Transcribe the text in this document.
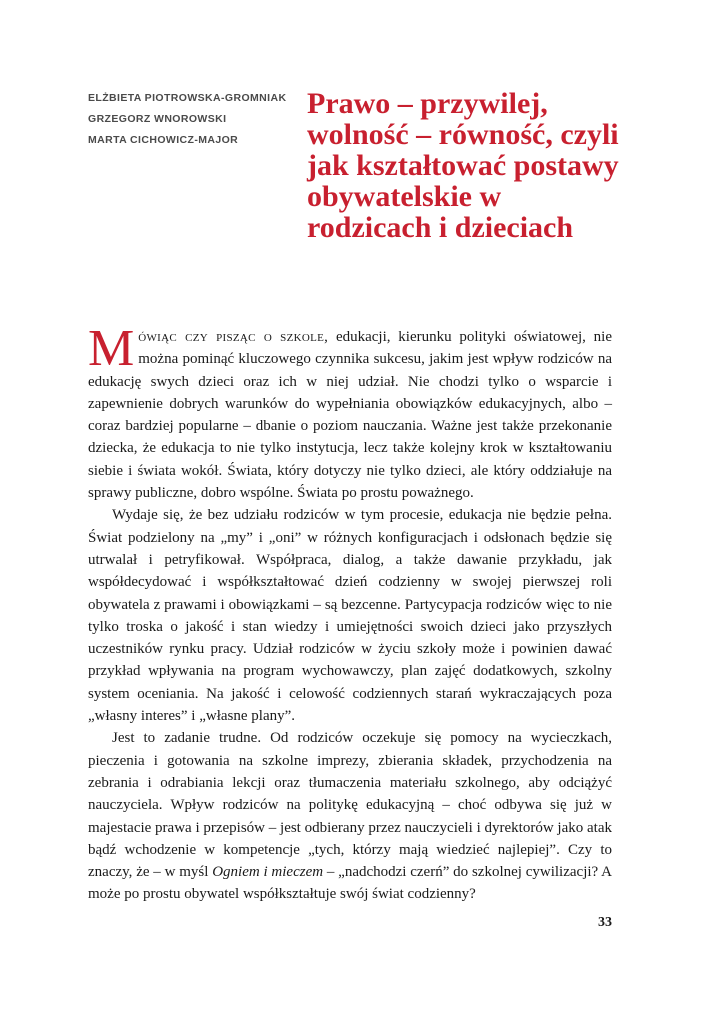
ELŻBIETA PIOTROWSKA-GROMNIAK
GRZEGORZ WNOROWSKI
MARTA CICHOWICZ-MAJOR
Prawo – przywilej, wolność – równość, czyli jak kształtować postawy obywatelskie w rodzicach i dzieciach

Mówiąc czy pisząc o szkole, edukacji, kierunku polityki oświatowej, nie można pominąć kluczowego czynnika sukcesu, jakim jest wpływ rodziców na edukację swych dzieci oraz ich w niej udział. Nie chodzi tylko o wsparcie i zapewnienie dobrych warunków do wypełniania obowiązków edukacyjnych, albo – coraz bardziej popularne – dbanie o poziom nauczania. Ważne jest także przekonanie dziecka, że edukacja to nie tylko instytucja, lecz także kolejny krok w kształtowaniu siebie i świata wokół. Świata, który dotyczy nie tylko dzieci, ale który oddziałuje na sprawy publiczne, dobro wspólne. Świata po prostu poważnego.

Wydaje się, że bez udziału rodziców w tym procesie, edukacja nie będzie pełna. Świat podzielony na „my” i „oni” w różnych konfiguracjach i odsłonach będzie się utrwalał i petryfikował. Współpraca, dialog, a także dawanie przykładu, jak współdecydować i współkształtować dzień codzienny w swojej pierwszej roli obywatela z prawami i obowiązkami – są bezcenne. Partycypacja rodziców więc to nie tylko troska o jakość i stan wiedzy i umiejętności swoich dzieci jako przyszłych uczestników rynku pracy. Udział rodziców w życiu szkoły może i powinien dawać przykład wpływania na program wychowawczy, plan zajęć dodatkowych, szkolny system oceniania. Na jakość i celowość codziennych starań wykraczających poza „własny interes” i „własne plany”.

Jest to zadanie trudne. Od rodziców oczekuje się pomocy na wycieczkach, pieczenia i gotowania na szkolne imprezy, zbierania składek, przychodzenia na zebrania i odrabiania lekcji oraz tłumaczenia materiału szkolnego, aby odciążyć nauczyciela. Wpływ rodziców na politykę edukacyjną – choć odbywa się już w majestacie prawa i przepisów – jest odbierany przez nauczycieli i dyrektorów jako atak bądź wchodzenie w kompetencje „tych, którzy mają wiedzieć najlepiej”. Czy to znaczy, że – w myśl Ogniem i mieczem – „nadchodzi czerń” do szkolnej cywilizacji? A może po prostu obywatel współkształtuje swój świat codzienny?

33
